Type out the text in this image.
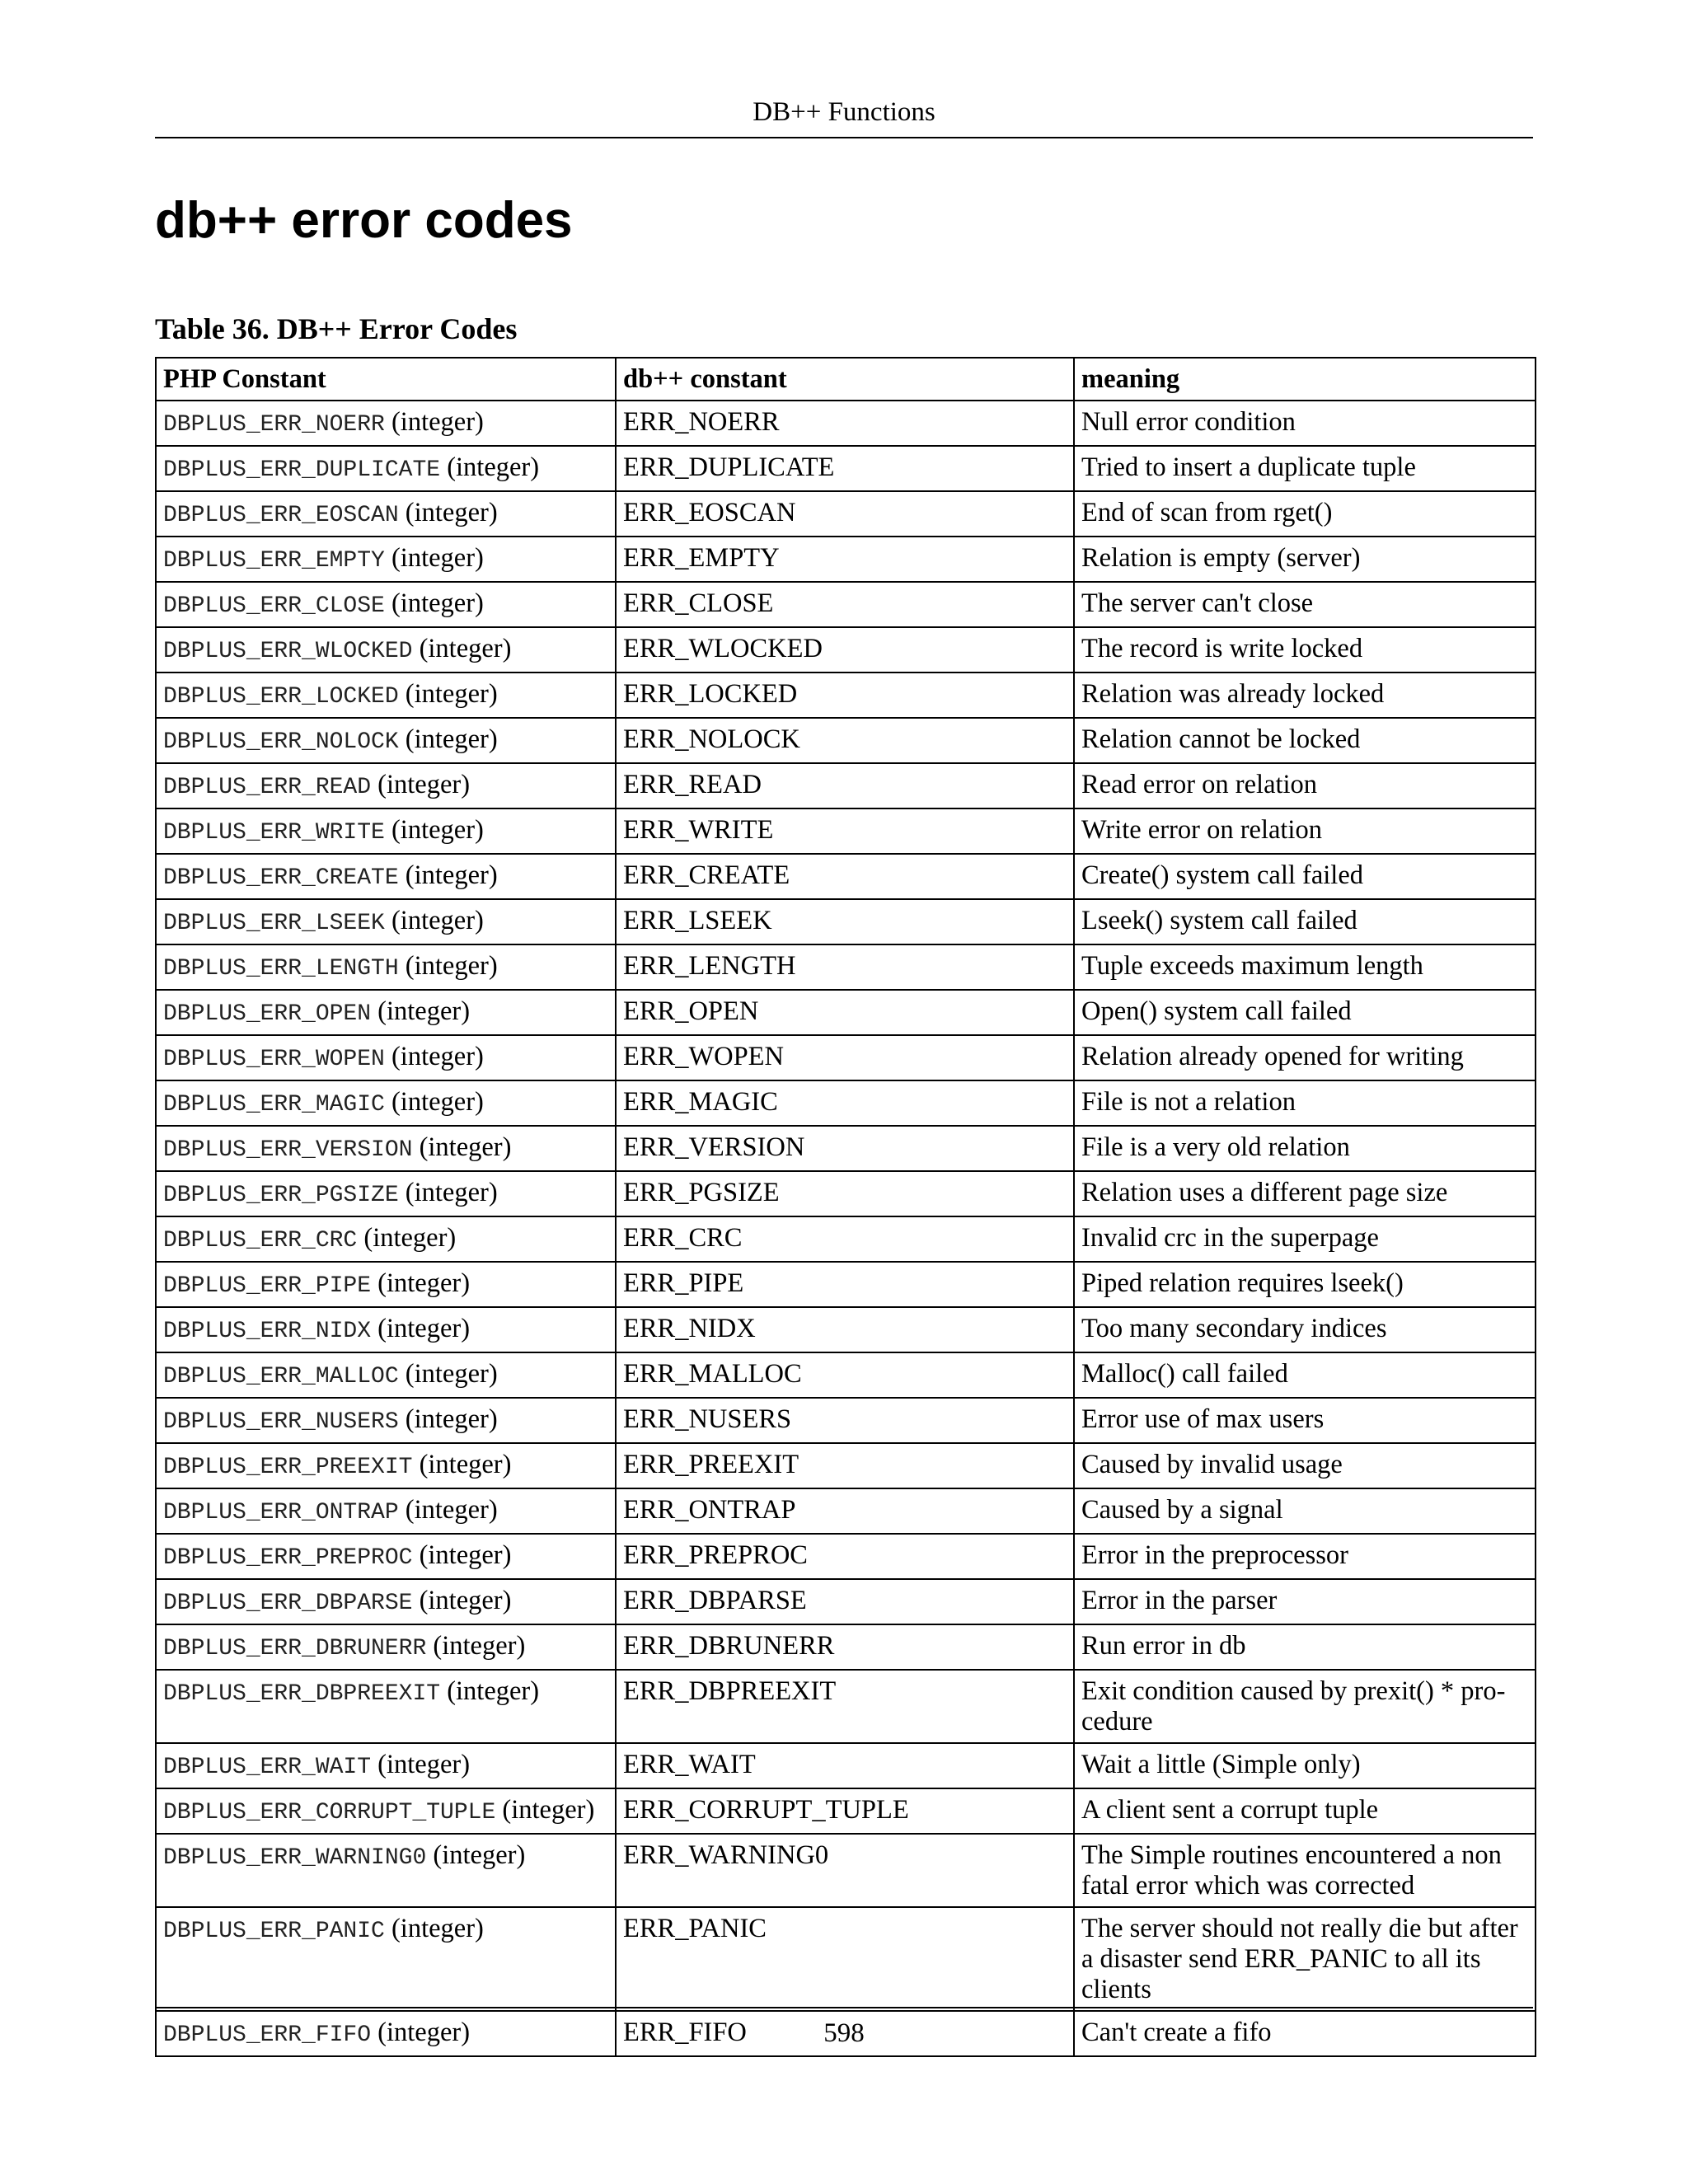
DB++ Functions
db++ error codes

Table 36. DB++ Error Codes

PHP Constant	db++ constant	meaning
DBPLUS_ERR_NOERR (integer)	ERR_NOERR	Null error condition
DBPLUS_ERR_DUPLICATE (integer)	ERR_DUPLICATE	Tried to insert a duplicate tuple
DBPLUS_ERR_EOSCAN (integer)	ERR_EOSCAN	End of scan from rget()
DBPLUS_ERR_EMPTY (integer)	ERR_EMPTY	Relation is empty (server)
DBPLUS_ERR_CLOSE (integer)	ERR_CLOSE	The server can't close
DBPLUS_ERR_WLOCKED (integer)	ERR_WLOCKED	The record is write locked
DBPLUS_ERR_LOCKED (integer)	ERR_LOCKED	Relation was already locked
DBPLUS_ERR_NOLOCK (integer)	ERR_NOLOCK	Relation cannot be locked
DBPLUS_ERR_READ (integer)	ERR_READ	Read error on relation
DBPLUS_ERR_WRITE (integer)	ERR_WRITE	Write error on relation
DBPLUS_ERR_CREATE (integer)	ERR_CREATE	Create() system call failed
DBPLUS_ERR_LSEEK (integer)	ERR_LSEEK	Lseek() system call failed
DBPLUS_ERR_LENGTH (integer)	ERR_LENGTH	Tuple exceeds maximum length
DBPLUS_ERR_OPEN (integer)	ERR_OPEN	Open() system call failed
DBPLUS_ERR_WOPEN (integer)	ERR_WOPEN	Relation already opened for writing
DBPLUS_ERR_MAGIC (integer)	ERR_MAGIC	File is not a relation
DBPLUS_ERR_VERSION (integer)	ERR_VERSION	File is a very old relation
DBPLUS_ERR_PGSIZE (integer)	ERR_PGSIZE	Relation uses a different page size
DBPLUS_ERR_CRC (integer)	ERR_CRC	Invalid crc in the superpage
DBPLUS_ERR_PIPE (integer)	ERR_PIPE	Piped relation requires lseek()
DBPLUS_ERR_NIDX (integer)	ERR_NIDX	Too many secondary indices
DBPLUS_ERR_MALLOC (integer)	ERR_MALLOC	Malloc() call failed
DBPLUS_ERR_NUSERS (integer)	ERR_NUSERS	Error use of max users
DBPLUS_ERR_PREEXIT (integer)	ERR_PREEXIT	Caused by invalid usage
DBPLUS_ERR_ONTRAP (integer)	ERR_ONTRAP	Caused by a signal
DBPLUS_ERR_PREPROC (integer)	ERR_PREPROC	Error in the preprocessor
DBPLUS_ERR_DBPARSE (integer)	ERR_DBPARSE	Error in the parser
DBPLUS_ERR_DBRUNERR (integer)	ERR_DBRUNERR	Run error in db
DBPLUS_ERR_DBPREEXIT (integer)	ERR_DBPREEXIT	Exit condition caused by prexit() * pro-cedure
DBPLUS_ERR_WAIT (integer)	ERR_WAIT	Wait a little (Simple only)
DBPLUS_ERR_CORRUPT_TUPLE (integer)	ERR_CORRUPT_TUPLE	A client sent a corrupt tuple
DBPLUS_ERR_WARNING0 (integer)	ERR_WARNING0	The Simple routines encountered a non fatal error which was corrected
DBPLUS_ERR_PANIC (integer)	ERR_PANIC	The server should not really die but after a disaster send ERR_PANIC to all its clients
DBPLUS_ERR_FIFO (integer)	ERR_FIFO	Can't create a fifo
598
